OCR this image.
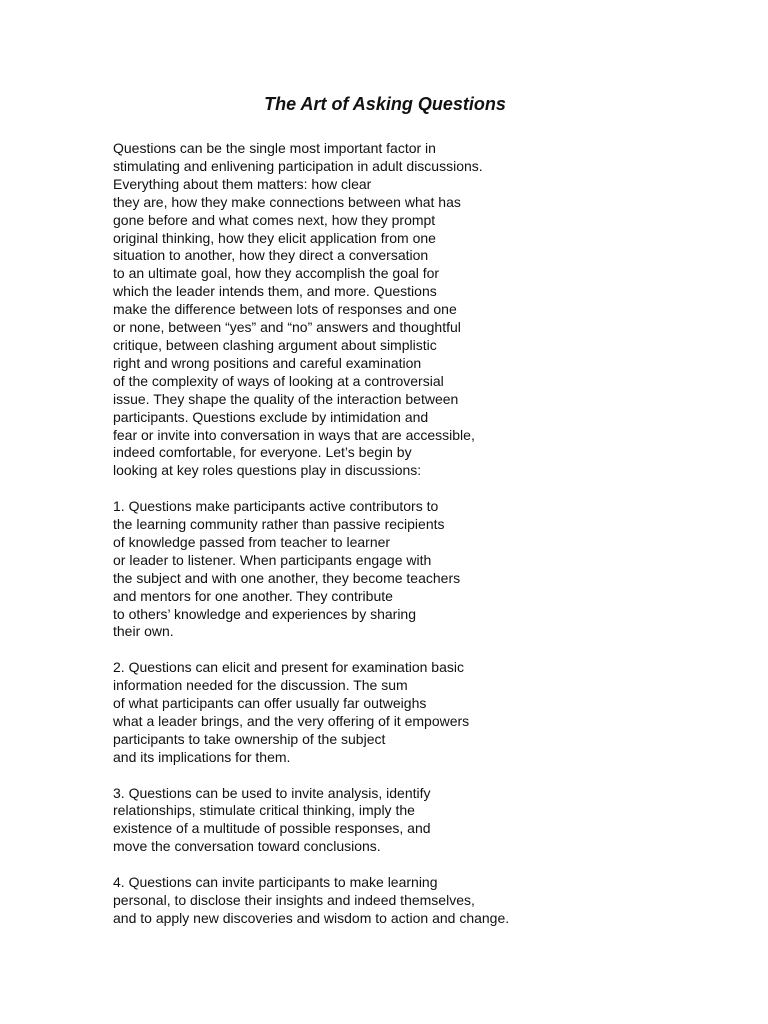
The Art of Asking Questions

Questions can be the single most important factor in
stimulating and enlivening participation in adult discussions.
Everything about them matters: how clear
they are, how they make connections between what has
gone before and what comes next, how they prompt
original thinking, how they elicit application from one
situation to another, how they direct a conversation
to an ultimate goal, how they accomplish the goal for
which the leader intends them, and more. Questions
make the difference between lots of responses and one
or none, between “yes” and “no” answers and thoughtful
critique, between clashing argument about simplistic
right and wrong positions and careful examination
of the complexity of ways of looking at a controversial
issue. They shape the quality of the interaction between
participants. Questions exclude by intimidation and
fear or invite into conversation in ways that are accessible,
indeed comfortable, for everyone. Let’s begin by
looking at key roles questions play in discussions:

1. Questions make participants active contributors to
the learning community rather than passive recipients
of knowledge passed from teacher to learner
or leader to listener. When participants engage with
the subject and with one another, they become teachers
and mentors for one another. They contribute
to others’ knowledge and experiences by sharing
their own.

2. Questions can elicit and present for examination basic
information needed for the discussion. The sum
of what participants can offer usually far outweighs
what a leader brings, and the very offering of it empowers
participants to take ownership of the subject
and its implications for them.

3. Questions can be used to invite analysis, identify
relationships, stimulate critical thinking, imply the
existence of a multitude of possible responses, and
move the conversation toward conclusions.

4. Questions can invite participants to make learning
personal, to disclose their insights and indeed themselves,
and to apply new discoveries and wisdom to action and change.
